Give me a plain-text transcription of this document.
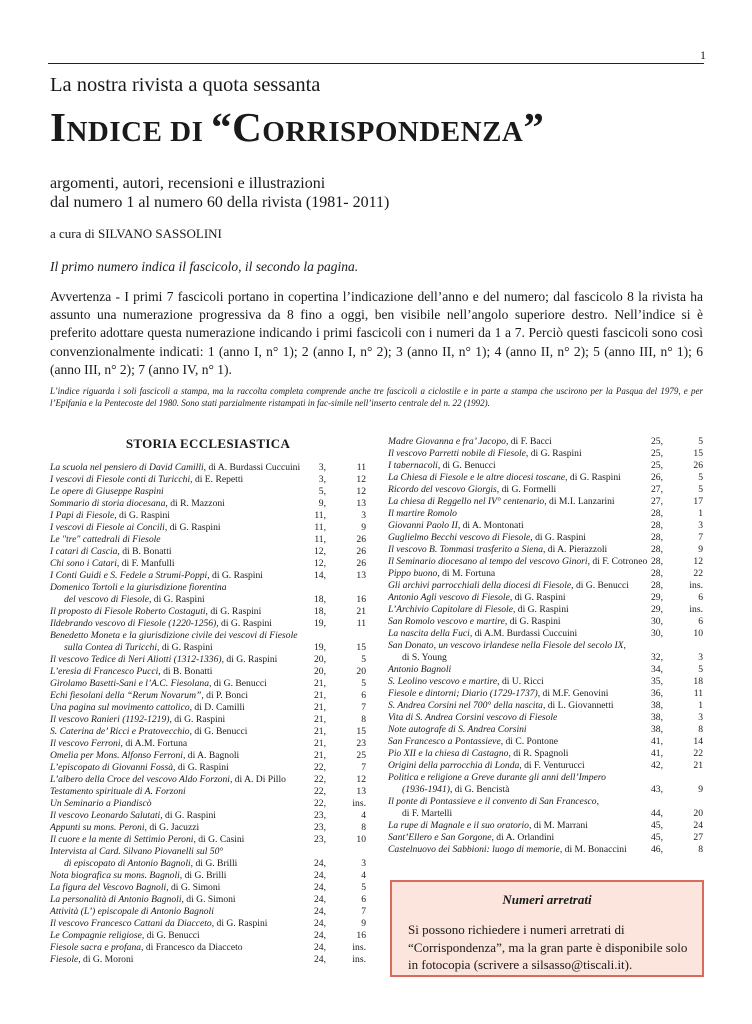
1
La nostra rivista a quota sessanta
INDICE DI “CORRISPONDENZA”
argomenti, autori, recensioni e illustrazioni
dal numero 1 al numero 60 della rivista (1981- 2011)
a cura di SILVANO SASSOLINI
Il primo numero indica il fascicolo, il secondo la pagina.
Avvertenza - I primi 7 fascicoli portano in copertina l’indicazione dell’anno e del numero; dal fascicolo 8 la rivista ha assunto una numerazione progressiva da 8 fino a oggi, ben visibile nell’angolo superiore destro. Nell’indice si è preferito adottare questa numerazione indicando i primi fascicoli con i numeri da 1 a 7. Perciò questi fascicoli sono così convenzionalmente indicati: 1 (anno I, n° 1); 2 (anno I, n° 2); 3 (anno II, n° 1); 4 (anno II, n° 2); 5 (anno III, n° 1); 6 (anno III, n° 2); 7 (anno IV, n° 1).
L’indice riguarda i soli fascicoli a stampa, ma la raccolta completa comprende anche tre fascicoli a ciclostile e in parte a stampa che uscirono per la Pasqua del 1979, e per l’Epifania e la Pentecoste del 1980. Sono stati parzialmente ristampati in fac-simile nell’inserto centrale del n. 22 (1992).
STORIA ECCLESIASTICA
La scuola nel pensiero di David Camilli, di A. Burdassi Cuccuini	3,	11
I vescovi di Fiesole conti di Turicchi, di E. Repetti	3,	12
Le opere di Giuseppe Raspini	5,	12
Sommario di storia diocesana, di R. Mazzoni	9,	13
I Papi di Fiesole, di G. Raspini	11,	3
I vescovi di Fiesole ai Concili, di G. Raspini	11,	9
Le "tre" cattedrali di Fiesole	11,	26
I catari di Cascia, di B. Bonatti	12,	26
Chi sono i Catari, di F. Manfulli	12,	26
I Conti Guidi e S. Fedele a Strumi-Poppi, di G. Raspini	14,	13
Domenico Tortoli e la giurisdizione fiorentina
del vescovo di Fiesole, di G. Raspini	18,	16
Il proposto di Fiesole Roberto Costaguti, di G. Raspini	18,	21
Ildebrando vescovo di Fiesole (1220-1256), di G. Raspini	19,	11
Benedetto Moneta e la giurisdizione civile dei vescovi di Fiesole
sulla Contea di Turicchi, di G. Raspini	19,	15
Il vescovo Tedice di Neri Aliotti (1312-1336), di G. Raspini	20,	5
L’eresia di Francesco Pucci, di B. Bonatti	20,	20
Girolamo Basetti-Sani e l’A.C. Fiesolana, di G. Benucci	21,	5
Echi fiesolani della “Rerum Novarum”, di P. Bonci	21,	6
Una pagina sul movimento cattolico, di D. Camilli	21,	7
Il vescovo Ranieri (1192-1219), di G. Raspini	21,	8
S. Caterina de’ Ricci e Pratovecchio, di G. Benucci	21,	15
Il vescovo Ferroni, di A.M. Fortuna	21,	23
Omelia per Mons. Alfonso Ferroni, di A. Bagnoli	21,	25
L’episcopato di Giovanni Fossà, di G. Raspini	22,	7
L’albero della Croce del vescovo Aldo Forzoni, di A. Di Pillo	22,	12
Testamento spirituale di A. Forzoni	22,	13
Un Seminario a Piandiscò	22,	ins.
Il vescovo Leonardo Salutati, di G. Raspini	23,	4
Appunti su mons. Peroni, di G. Jacuzzi	23,	8
Il cuore e la mente di Settimio Peroni, di G. Casini	23,	10
Intervista al Card. Silvano Piovanelli sul 50°
di episcopato di Antonio Bagnoli, di G. Brilli	24,	3
Nota biografica su mons. Bagnoli, di G. Brilli	24,	4
La figura del Vescovo Bagnoli, di G. Simoni	24,	5
La personalità di Antonio Bagnoli, di G. Simoni	24,	6
Attività (L’) episcopale di Antonio Bagnoli	24,	7
Il vescovo Francesco Cattani da Diacceto, di G. Raspini	24,	9
Le Compagnie religiose, di G. Benucci	24,	16
Fiesole sacra e profana, di Francesco da Diacceto	24,	ins.
Fiesole, di G. Moroni	24,	ins.
Madre Giovanna e fra’ Jacopo, di F. Bacci	25,	5
Il vescovo Parretti nobile di Fiesole, di G. Raspini	25,	15
I tabernacoli, di G. Benucci	25,	26
La Chiesa di Fiesole e le altre diocesi toscane, di G. Raspini	26,	5
Ricordo del vescovo Giorgis, di G. Formelli	27,	5
La chiesa di Reggello nel IV° centenario, di M.I. Lanzarini	27,	17
Il martire Romolo	28,	1
Giovanni Paolo II, di A. Montonati	28,	3
Guglielmo Becchi vescovo di Fiesole, di G. Raspini	28,	7
Il vescovo B. Tommasi trasferito a Siena, di A. Pierazzoli	28,	9
Il Seminario diocesano al tempo del vescovo Ginori, di F. Cotroneo 28,	12
Pippo buono, di M. Fortuna	28,	22
Gli archivi parrocchiali della diocesi di Fiesole, di G. Benucci	28,	ins.
Antonio Agli vescovo di Fiesole, di G. Raspini	29,	6
L’Archivio Capitolare di Fiesole, di G. Raspini	29,	ins.
San Romolo vescovo e martire, di G. Raspini	30,	6
La nascita della Fuci, di A.M. Burdassi Cuccuini	30,	10
San Donato, un vescovo irlandese nella Fiesole del secolo IX,
di S. Young	32,	3
Antonio Bagnoli	34,	5
S. Leolino vescovo e martire, di U. Ricci	35,	18
Fiesole e dintorni; Diario (1729-1737), di M.F. Genovini	36,	11
S. Andrea Corsini nel 700° della nascita, di L. Giovannetti	38,	1
Vita di S. Andrea Corsini vescovo di Fiesole	38,	3
Note autografe di S. Andrea Corsini	38,	8
San Francesco a Pontassieve, di C. Pontone	41,	14
Pio XII e la chiesa di Castagno, di R. Spagnoli	41,	22
Origini della parrocchia di Londa, di F. Venturucci	42,	21
Politica e religione a Greve durante gli anni dell’Impero
(1936-1941), di G. Bencistà	43,	9
Il ponte di Pontassieve e il convento di San Francesco,
di F. Martelli	44,	20
La rupe di Magnale e il suo oratorio, di M. Marrani	45,	24
Sant’Ellero e San Gorgone, di A. Orlandini	45,	27
Castelnuovo dei Sabbioni: luogo di memorie, di M. Bonaccini	46,	8
Numeri arretrati
Si possono richiedere i numeri arretrati di “Corrispondenza”, ma la gran parte è disponibile solo in fotocopia (scrivere a silsasso@tiscali.it).
